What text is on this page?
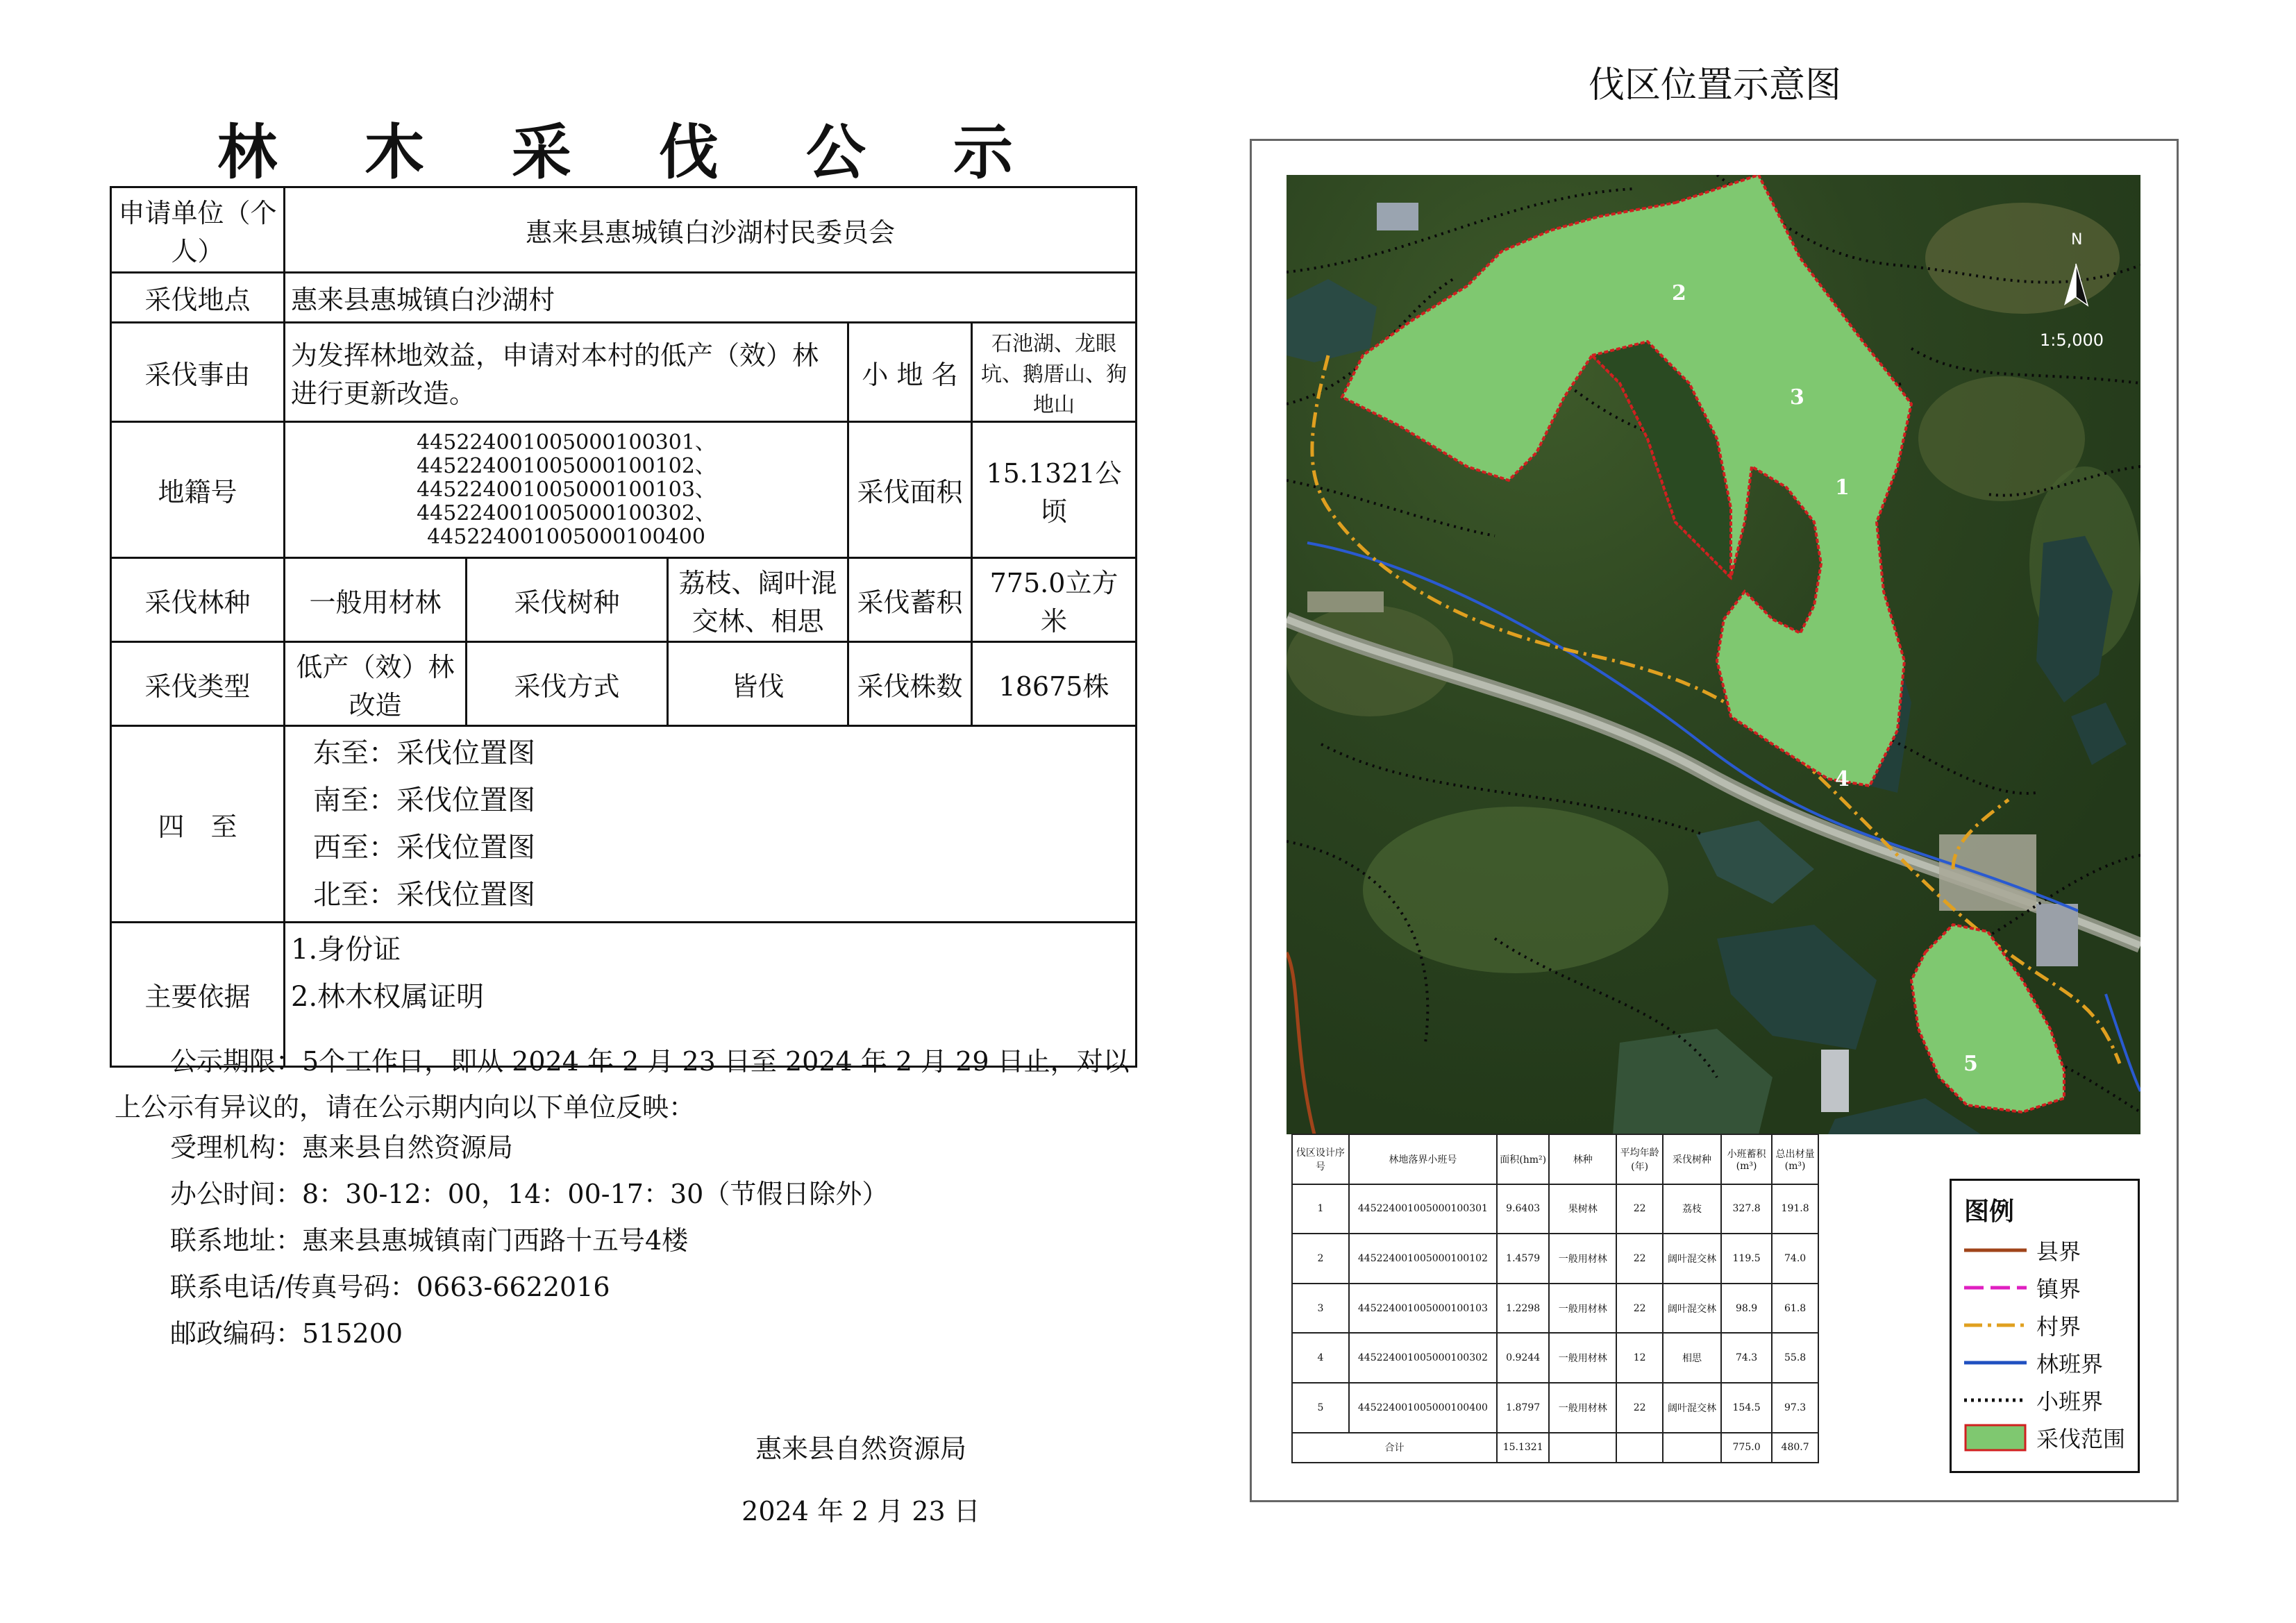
林 木 采 伐 公 示
申请单位（个人）	惠来县惠城镇白沙湖村民委员会				
采伐地点	惠来县惠城镇白沙湖村				
采伐事由	为发挥林地效益，申请对本村的低产（效）林进行更新改造。			小 地 名	石池湖、龙眼坑、鹅厝山、狗地山
地籍号	445224001005000100301、445224001005000100102、445224001005000100103、445224001005000100302、445224001005000100400			采伐面积	15.1321公顷
采伐林种	一般用材林	采伐树种	荔枝、阔叶混交林、相思	采伐蓄积	775.0立方米
采伐类型	低产（效）林改造	采伐方式	皆伐	采伐株数	18675株
四　至	东至：采伐位置图
南至：采伐位置图
西至：采伐位置图
北至：采伐位置图				

主要依据	1.身份证
2.林木权属证明				
公示期限：5个工作日，即从 2024 年 2 月 23 日至 2024 年 2 月 29 日止，对以上公示有异议的，请在公示期内向以下单位反映：
受理机构：惠来县自然资源局
办公时间：8：30-12：00，14：00-17：30（节假日除外）
联系地址：惠来县惠城镇南门西路十五号4楼
联系电话/传真号码：0663-6622016
邮政编码：515200
惠来县自然资源局
2024 年 2 月 23 日
伐区位置示意图
1
2
3
4
5
N
1:5,000
伐区设计序号	林地落界小班号	面积(hm²)	林种	平均年龄(年)	采伐树种	小班蓄积(m³)	总出材量(m³)
1	445224001005000100301	9.6403	果树林	22	荔枝	327.8	191.8
2	445224001005000100102	1.4579	一般用材林	22	阔叶混交林	119.5	74.0
3	445224001005000100103	1.2298	一般用材林	22	阔叶混交林	98.9	61.8
4	445224001005000100302	0.9244	一般用材林	12	相思	74.3	55.8
5	445224001005000100400	1.8797	一般用材林	22	阔叶混交林	154.5	97.3
合计		15.1321				775.0	480.7
图例
县界
镇界
村界
林班界
小班界
采伐范围
